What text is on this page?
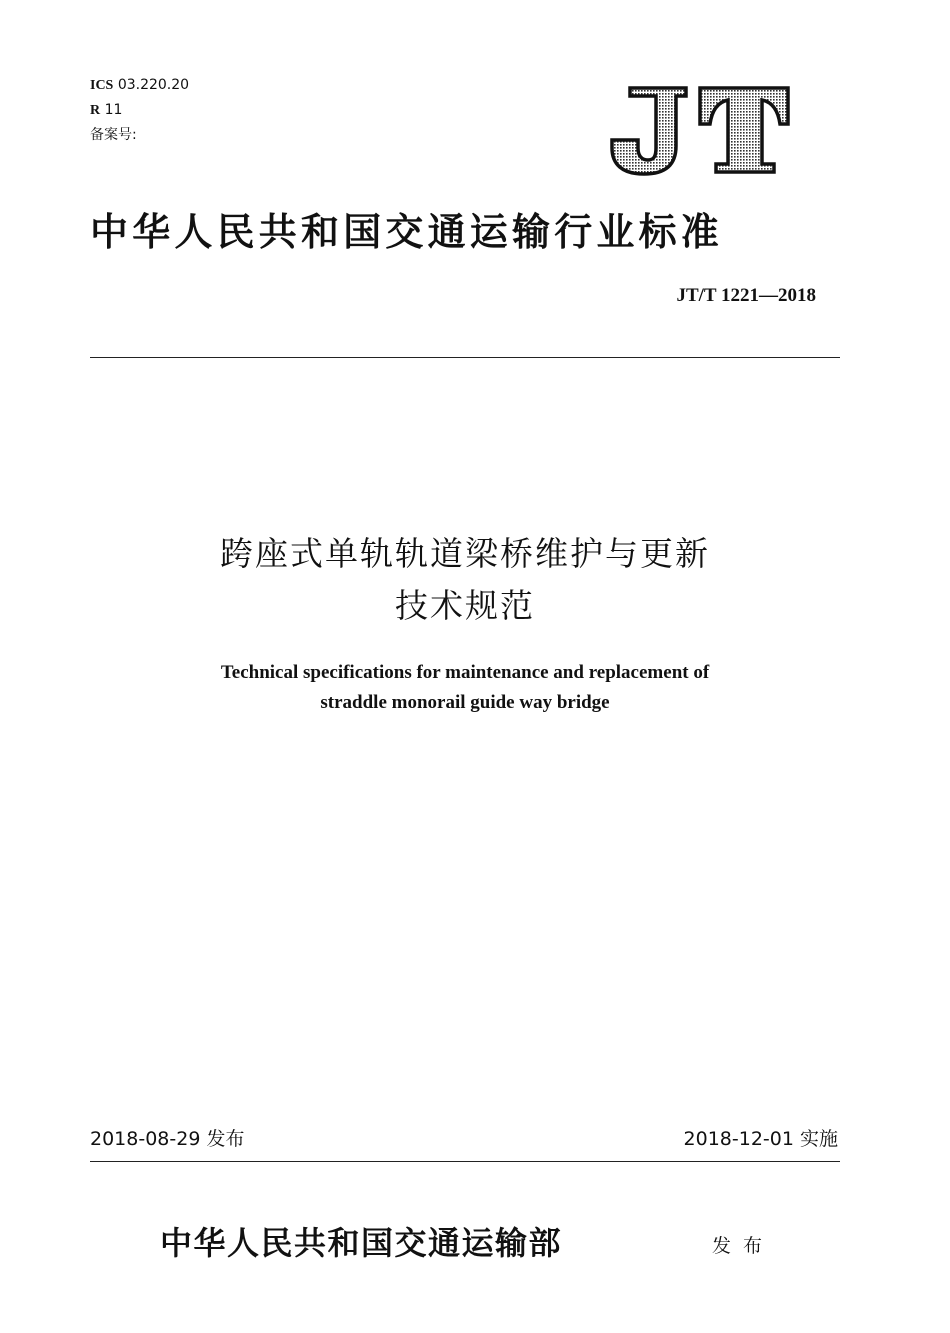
ICS 03.220.20
R 11
备案号:
中华人民共和国交通运输行业标准
JT/T 1221—2018
跨座式单轨轨道梁桥维护与更新
技术规范
Technical specifications for maintenance and replacement of
straddle monorail guide way bridge
2018-08-29 发布	2018-12-01 实施
中华人民共和国交通运输部	发布
